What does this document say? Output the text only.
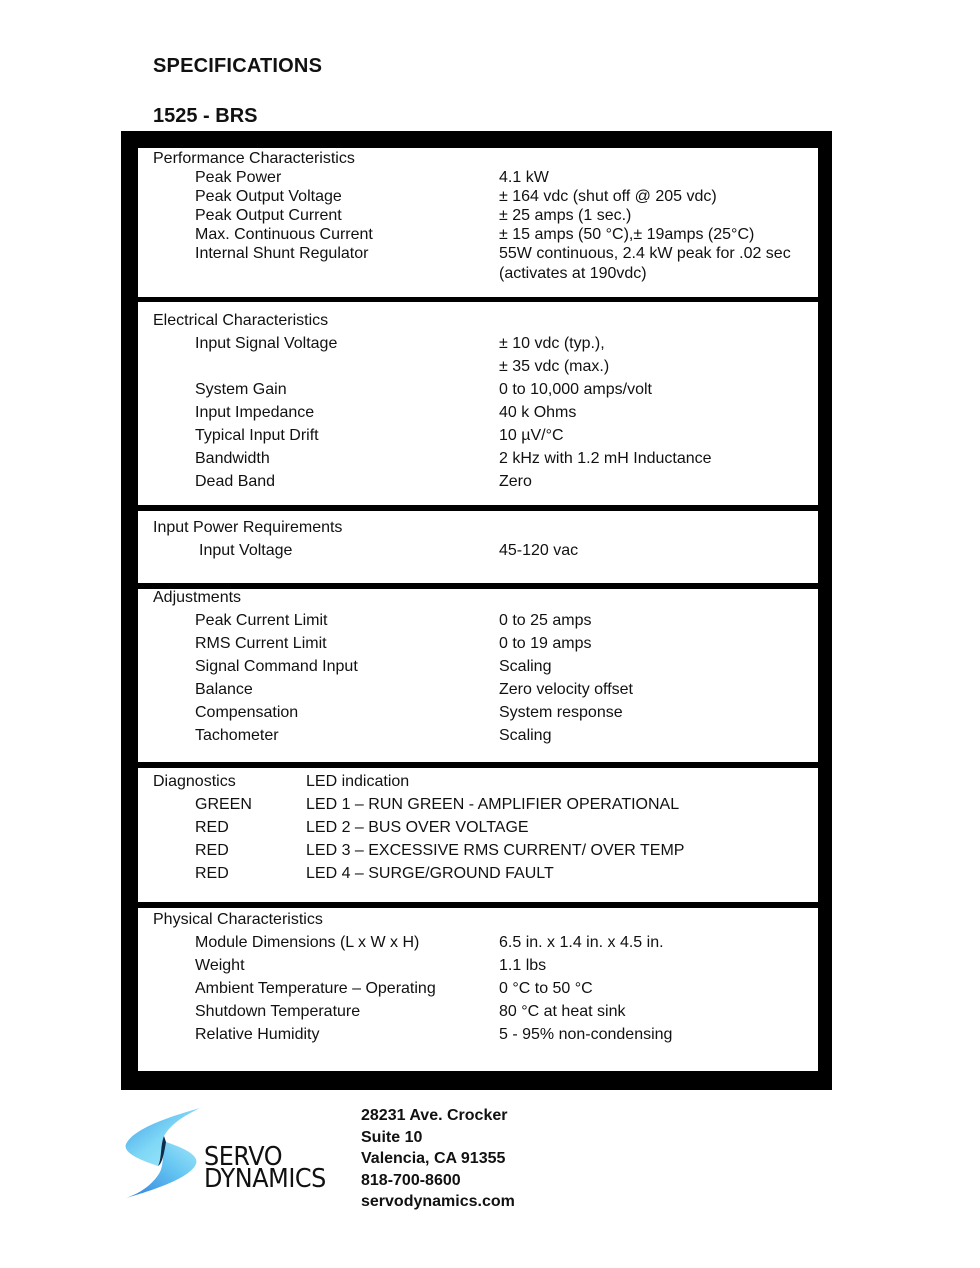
SPECIFICATIONS
1525 - BRS
Performance Characteristics
Peak Power	4.1 kW
Peak Output Voltage	± 164 vdc (shut off @ 205 vdc)
Peak Output Current	± 25 amps (1 sec.)
Max. Continuous Current	± 15 amps (50 °C),± 19amps (25°C)
Internal Shunt Regulator	55W continuous, 2.4 kW peak for .02 sec
(activates at 190vdc)
Electrical Characteristics
Input Signal Voltage	± 10 vdc (typ.),
± 35 vdc (max.)
System Gain	0 to 10,000 amps/volt
Input Impedance	40 k Ohms
Typical Input Drift	10 µV/°C
Bandwidth	2 kHz with 1.2 mH Inductance
Dead Band	Zero
Input Power Requirements
Input Voltage	45-120 vac
Adjustments
Peak Current Limit	0 to 25 amps
RMS Current Limit	0 to 19 amps
Signal Command Input	Scaling
Balance	Zero velocity offset
Compensation	System response
Tachometer	Scaling
Diagnostics	LED indication
GREEN	LED 1 – RUN GREEN - AMPLIFIER OPERATIONAL
RED	LED 2 – BUS OVER VOLTAGE
RED	LED 3 – EXCESSIVE RMS CURRENT/ OVER TEMP
RED	LED 4 – SURGE/GROUND FAULT
Physical Characteristics
Module Dimensions (L x W x H)	6.5 in. x 1.4 in. x 4.5 in.
Weight	1.1 lbs
Ambient Temperature – Operating	0 °C to 50 °C
Shutdown Temperature	80 °C at heat sink
Relative Humidity	5 - 95% non-condensing
SERVO
DYNAMICS
28231 Ave. Crocker
Suite 10
Valencia, CA 91355
818-700-8600
servodynamics.com
